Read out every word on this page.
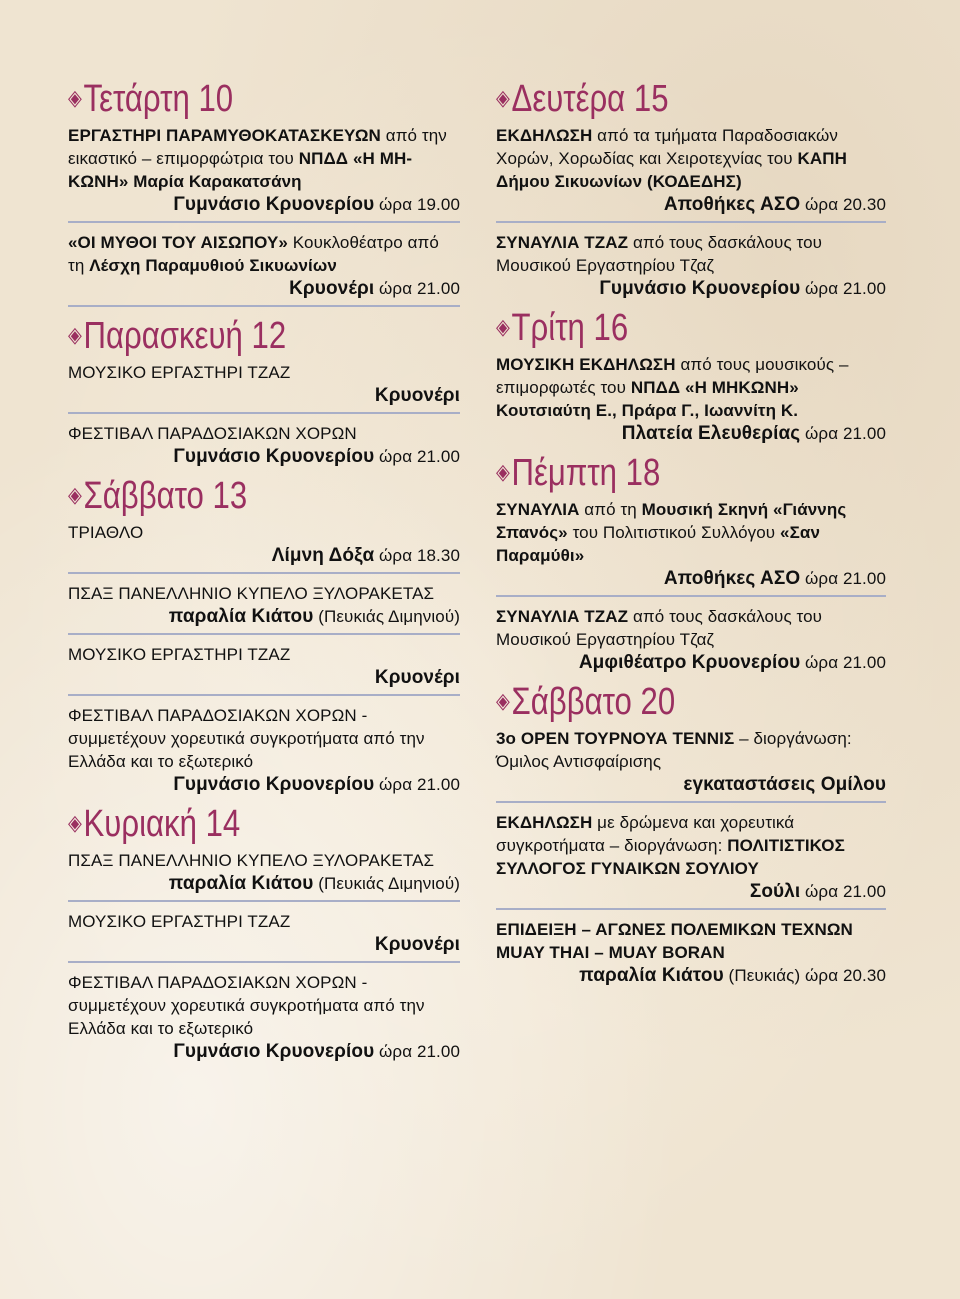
◈Τετάρτη 10
ΕΡΓΑΣΤΗΡΙ ΠΑΡΑΜΥΘΟΚΑΤΑΣΚΕΥΩΝ από την εικαστικό – επιμορφώτρια του ΝΠΔΔ «Η ΜΗ-ΚΩΝΗ» Μαρία Καρακατσάνη
Γυμνάσιο Κρυονερίου ώρα 19.00
«ΟΙ ΜΥΘΟΙ ΤΟΥ ΑΙΣΩΠΟΥ» Κουκλοθέατρο από τη Λέσχη Παραμυθιού Σικυωνίων
Κρυονέρι ώρα 21.00
◈Παρασκευή 12
ΜΟΥΣΙΚΟ ΕΡΓΑΣΤΗΡΙ ΤΖΑΖ
Κρυονέρι
ΦΕΣΤΙΒΑΛ ΠΑΡΑΔΟΣΙΑΚΩΝ ΧΟΡΩΝ
Γυμνάσιο Κρυονερίου ώρα 21.00
◈Σάββατο 13
ΤΡΙΑΘΛΟ
Λίμνη Δόξα ώρα 18.30
ΠΣΑΞ ΠΑΝΕΛΛΗΝΙΟ ΚΥΠΕΛΟ ΞΥΛΟΡΑΚΕΤΑΣ
παραλία Κιάτου (Πευκιάς Διμηνιού)
ΜΟΥΣΙΚΟ ΕΡΓΑΣΤΗΡΙ ΤΖΑΖ
Κρυονέρι
ΦΕΣΤΙΒΑΛ ΠΑΡΑΔΟΣΙΑΚΩΝ ΧΟΡΩΝ - συμμετέχουν χορευτικά συγκροτήματα από την Ελλάδα και το εξωτερικό
Γυμνάσιο Κρυονερίου ώρα 21.00
◈Κυριακή 14
ΠΣΑΞ ΠΑΝΕΛΛΗΝΙΟ ΚΥΠΕΛΟ ΞΥΛΟΡΑΚΕΤΑΣ
παραλία Κιάτου (Πευκιάς Διμηνιού)
ΜΟΥΣΙΚΟ ΕΡΓΑΣΤΗΡΙ ΤΖΑΖ
Κρυονέρι
ΦΕΣΤΙΒΑΛ ΠΑΡΑΔΟΣΙΑΚΩΝ ΧΟΡΩΝ - συμμετέχουν χορευτικά συγκροτήματα από την Ελλάδα και το εξωτερικό
Γυμνάσιο Κρυονερίου ώρα 21.00
◈Δευτέρα 15
ΕΚΔΗΛΩΣΗ από τα τμήματα Παραδοσιακών Χορών, Χορωδίας και Χειροτεχνίας του ΚΑΠΗ Δήμου Σικυωνίων (ΚΟΔΕΔΗΣ)
Αποθήκες ΑΣΟ ώρα 20.30
ΣΥΝΑΥΛΙΑ ΤΖΑΖ από τους δασκάλους του Μουσικού Εργαστηρίου Τζαζ
Γυμνάσιο Κρυονερίου ώρα 21.00
◈Τρίτη 16
ΜΟΥΣΙΚΗ ΕΚΔΗΛΩΣΗ από τους μουσικούς – επιμορφωτές του ΝΠΔΔ «Η ΜΗΚΩΝΗ» Κουτσιαύτη Ε., Πράρα Γ., Ιωαννίτη Κ.
Πλατεία Ελευθερίας ώρα 21.00
◈Πέμπτη 18
ΣΥΝΑΥΛΙΑ από τη Μουσική Σκηνή «Γιάννης Σπανός» του Πολιτιστικού Συλλόγου «Σαν Παραμύθι»
Αποθήκες ΑΣΟ ώρα 21.00
ΣΥΝΑΥΛΙΑ ΤΖΑΖ από τους δασκάλους του Μουσικού Εργαστηρίου Τζαζ
Αμφιθέατρο Κρυονερίου ώρα 21.00
◈Σάββατο 20
3ο OPEN ΤΟΥΡΝΟΥΑ ΤΕΝΝΙΣ – διοργάνωση: Όμιλος Αντισφαίρισης
εγκαταστάσεις Ομίλου
ΕΚΔΗΛΩΣΗ με δρώμενα και χορευτικά συγκροτήματα – διοργάνωση: ΠΟΛΙΤΙΣΤΙΚΟΣ ΣΥΛΛΟΓΟΣ ΓΥΝΑΙΚΩΝ ΣΟΥΛΙΟΥ
Σούλι ώρα 21.00
ΕΠΙΔΕΙΞΗ – ΑΓΩΝΕΣ ΠΟΛΕΜΙΚΩΝ ΤΕΧΝΩΝ MUAY THAI – MUAY BORAN
παραλία Κιάτου (Πευκιάς) ώρα 20.30
